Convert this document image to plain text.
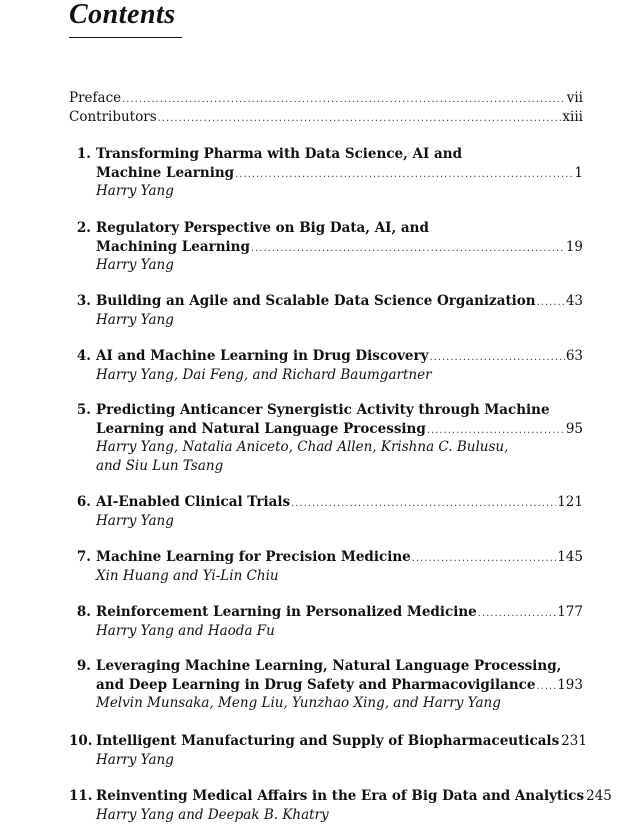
Contents
Preface .....	vii
Contributors .....	xiii
1. Transforming Pharma with Data Science, AI and
Machine Learning .....	1
Harry Yang
2. Regulatory Perspective on Big Data, AI, and
Machining Learning .....	19
Harry Yang
3. Building an Agile and Scalable Data Science Organization ..... 43
Harry Yang
4. AI and Machine Learning in Drug Discovery .....	63
Harry Yang, Dai Feng, and Richard Baumgartner
5. Predicting Anticancer Synergistic Activity through Machine
Learning and Natural Language Processing .....	95
Harry Yang, Natalia Aniceto, Chad Allen, Krishna C. Bulusu,
and Siu Lun Tsang
6. AI-Enabled Clinical Trials .....	121
Harry Yang
7. Machine Learning for Precision Medicine .....	145
Xin Huang and Yi-Lin Chiu
8. Reinforcement Learning in Personalized Medicine .....	177
Harry Yang and Haoda Fu
9. Leveraging Machine Learning, Natural Language Processing,
and Deep Learning in Drug Safety and Pharmacovigilance ..... 193
Melvin Munsaka, Meng Liu, Yunzhao Xing, and Harry Yang
10. Intelligent Manufacturing and Supply of Biopharmaceuticals 231
Harry Yang
11. Reinventing Medical Affairs in the Era of Big Data and Analytics 245
Harry Yang and Deepak B. Khatry
